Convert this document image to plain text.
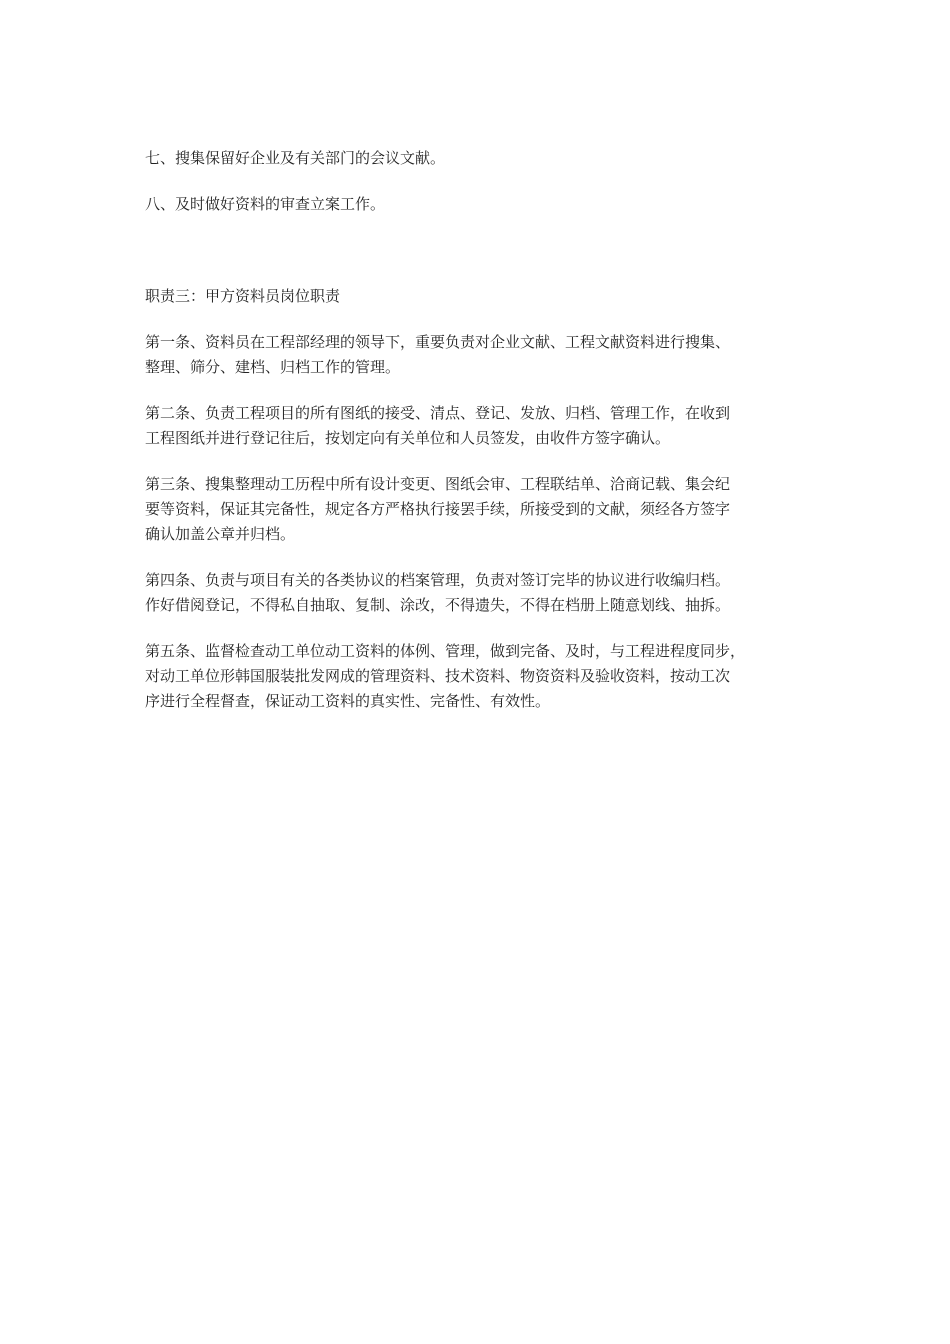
七、搜集保留好企业及有关部门的会议文献。

八、及时做好资料的审查立案工作。

职责三：甲方资料员岗位职责

第一条、资料员在工程部经理的领导下，重要负责对企业文献、工程文献资料进行搜集、
整理、筛分、建档、归档工作的管理。

第二条、负责工程项目的所有图纸的接受、清点、登记、发放、归档、管理工作，在收到
工程图纸并进行登记往后，按划定向有关单位和人员签发，由收件方签字确认。

第三条、搜集整理动工历程中所有设计变更、图纸会审、工程联结单、洽商记载、集会纪
要等资料，保证其完备性，规定各方严格执行接罢手续，所接受到的文献，须经各方签字
确认加盖公章并归档。

第四条、负责与项目有关的各类协议的档案管理，负责对签订完毕的协议进行收编归档。
作好借阅登记，不得私自抽取、复制、涂改，不得遗失，不得在档册上随意划线、抽拆。

第五条、监督检查动工单位动工资料的体例、管理，做到完备、及时，与工程进程度同步，
对动工单位形韩国服装批发网成的管理资料、技术资料、物资资料及验收资料，按动工次
序进行全程督查，保证动工资料的真实性、完备性、有效性。
